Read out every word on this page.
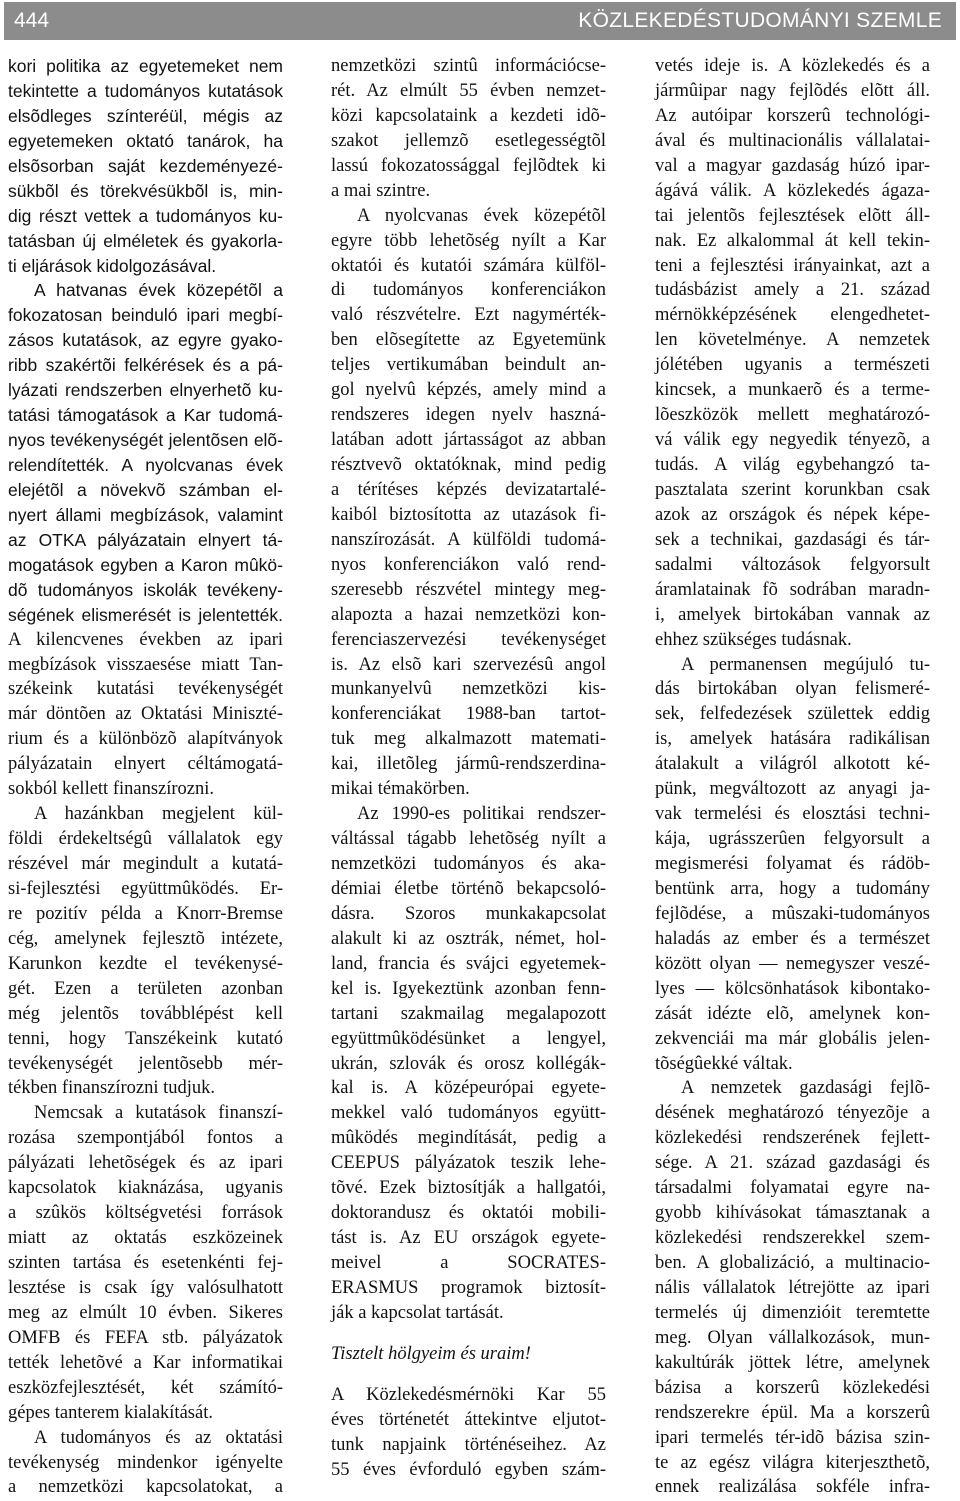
444	KÖZLEKEDÉSTUDOMÁNYI SZEMLE
kori politika az egyetemeket nem
tekintette a tudományos kutatások
elsõdleges színteréül, mégis az
egyetemeken oktató tanárok, ha
elsõsorban saját kezdeményezé-
sükbõl és törekvésükbõl is, min-
dig részt vettek a tudományos ku-
tatásban új elméletek és gyakorla-
ti eljárások kidolgozásával.
A hatvanas évek közepétõl a
fokozatosan beinduló ipari megbí-
zásos kutatások, az egyre gyako-
ribb szakértõi felkérések és a pá-
lyázati rendszerben elnyerhetõ ku-
tatási támogatások a Kar tudomá-
nyos tevékenységét jelentõsen elõ-
relendítették. A nyolcvanas évek
elejétõl a növekvõ számban el-
nyert állami megbízások, valamint
az OTKA pályázatain elnyert tá-
mogatások egyben a Karon mûkö-
dõ tudományos iskolák tevékeny-
ségének elismerését is jelentették.
A kilencvenes években az ipari
megbízások visszaesése miatt Tan-
székeink kutatási tevékenységét
már döntõen az Oktatási Miniszté-
rium és a különbözõ alapítványok
pályázatain elnyert céltámogatá-
sokból kellett finanszírozni.
A hazánkban megjelent kül-
földi érdekeltségû vállalatok egy
részével már megindult a kutatá-
si-fejlesztési együttmûködés. Er-
re pozitív példa a Knorr-Bremse
cég, amelynek fejlesztõ intézete,
Karunkon kezdte el tevékenysé-
gét. Ezen a területen azonban
még jelentõs továbblépést kell
tenni, hogy Tanszékeink kutató
tevékenységét jelentõsebb mér-
tékben finanszírozni tudjuk.
Nemcsak a kutatások finanszí-
rozása szempontjából fontos a
pályázati lehetõségek és az ipari
kapcsolatok kiaknázása, ugyanis
a szûkös költségvetési források
miatt az oktatás eszközeinek
szinten tartása és esetenkénti fej-
lesztése is csak így valósulhatott
meg az elmúlt 10 évben. Sikeres
OMFB és FEFA stb. pályázatok
tették lehetõvé a Kar informatikai
eszközfejlesztését, két számító-
gépes tanterem kialakítását.
A tudományos és az oktatási
tevékenység mindenkor igényelte
a nemzetközi kapcsolatokat, a
nemzetközi szintû információcse-
rét. Az elmúlt 55 évben nemzet-
közi kapcsolataink a kezdeti idõ-
szakot jellemzõ esetlegességtõl
lassú fokozatossággal fejlõdtek ki
a mai szintre.
A nyolcvanas évek közepétõl
egyre több lehetõség nyílt a Kar
oktatói és kutatói számára külföl-
di tudományos konferenciákon
való részvételre. Ezt nagymérték-
ben elõsegítette az Egyetemünk
teljes vertikumában beindult an-
gol nyelvû képzés, amely mind a
rendszeres idegen nyelv haszná-
latában adott jártasságot az abban
résztvevõ oktatóknak, mind pedig
a térítéses képzés devizatartalé-
kaiból biztosította az utazások fi-
nanszírozását. A külföldi tudomá-
nyos konferenciákon való rend-
szeresebb részvétel mintegy meg-
alapozta a hazai nemzetközi kon-
ferenciaszervezési tevékenységet
is. Az elsõ kari szervezésû angol
munkanyelvû nemzetközi kis-
konferenciákat 1988-ban tartot-
tuk meg alkalmazott matemati-
kai, illetõleg jármû-rendszerdina-
mikai témakörben.
Az 1990-es politikai rendszer-
váltással tágabb lehetõség nyílt a
nemzetközi tudományos és aka-
démiai életbe történõ bekapcsoló-
dásra. Szoros munkakapcsolat
alakult ki az osztrák, német, hol-
land, francia és svájci egyetemek-
kel is. Igyekeztünk azonban fenn-
tartani szakmailag megalapozott
együttmûködésünket a lengyel,
ukrán, szlovák és orosz kollégák-
kal is. A középeurópai egyete-
mekkel való tudományos együtt-
mûködés megindítását, pedig a
CEEPUS pályázatok teszik lehe-
tõvé. Ezek biztosítják a hallgatói,
doktorandusz és oktatói mobili-
tást is. Az EU országok egyete-
meivel a SOCRATES-
ERASMUS programok biztosít-
ják a kapcsolat tartását.
Tisztelt hölgyeim és uraim!
A Közlekedésmérnöki Kar 55
éves történetét áttekintve eljutot-
tunk napjaink történéseihez. Az
55 éves évforduló egyben szám-
vetés ideje is. A közlekedés és a
jármûipar nagy fejlõdés elõtt áll.
Az autóipar korszerû technológi-
ával és multinacionális vállalatai-
val a magyar gazdaság húzó ipar-
ágává válik. A közlekedés ágaza-
tai jelentõs fejlesztések elõtt áll-
nak. Ez alkalommal át kell tekin-
teni a fejlesztési irányainkat, azt a
tudásbázist amely a 21. század
mérnökképzésének elengedhetet-
len követelménye. A nemzetek
jólétében ugyanis a természeti
kincsek, a munkaerõ és a terme-
lõeszközök mellett meghatározó-
vá válik egy negyedik tényezõ, a
tudás. A világ egybehangzó ta-
pasztalata szerint korunkban csak
azok az országok és népek képe-
sek a technikai, gazdasági és tár-
sadalmi változások felgyorsult
áramlatainak fõ sodrában maradn-
i, amelyek birtokában vannak az
ehhez szükséges tudásnak.
A permanensen megújuló tu-
dás birtokában olyan felismeré-
sek, felfedezések születtek eddig
is, amelyek hatására radikálisan
átalakult a világról alkotott ké-
pünk, megváltozott az anyagi ja-
vak termelési és elosztási techni-
kája, ugrásszerûen felgyorsult a
megismerési folyamat és rádöb-
bentünk arra, hogy a tudomány
fejlõdése, a mûszaki-tudományos
haladás az ember és a természet
között olyan — nemegyszer veszé-
lyes — kölcsönhatások kibontako-
zását idézte elõ, amelynek kon-
zekvenciái ma már globális jelen-
tõségûekké váltak.
A nemzetek gazdasági fejlõ-
désének meghatározó tényezõje a
közlekedési rendszerének fejlett-
sége. A 21. század gazdasági és
társadalmi folyamatai egyre na-
gyobb kihívásokat támasztanak a
közlekedési rendszerekkel szem-
ben. A globalizáció, a multinacio-
nális vállalatok létrejötte az ipari
termelés új dimenzióit teremtette
meg. Olyan vállalkozások, mun-
kakultúrák jöttek létre, amelynek
bázisa a korszerû közlekedési
rendszerekre épül. Ma a korszerû
ipari termelés tér-idõ bázisa szin-
te az egész világra kiterjeszthetõ,
ennek realizálása sokféle infra-
